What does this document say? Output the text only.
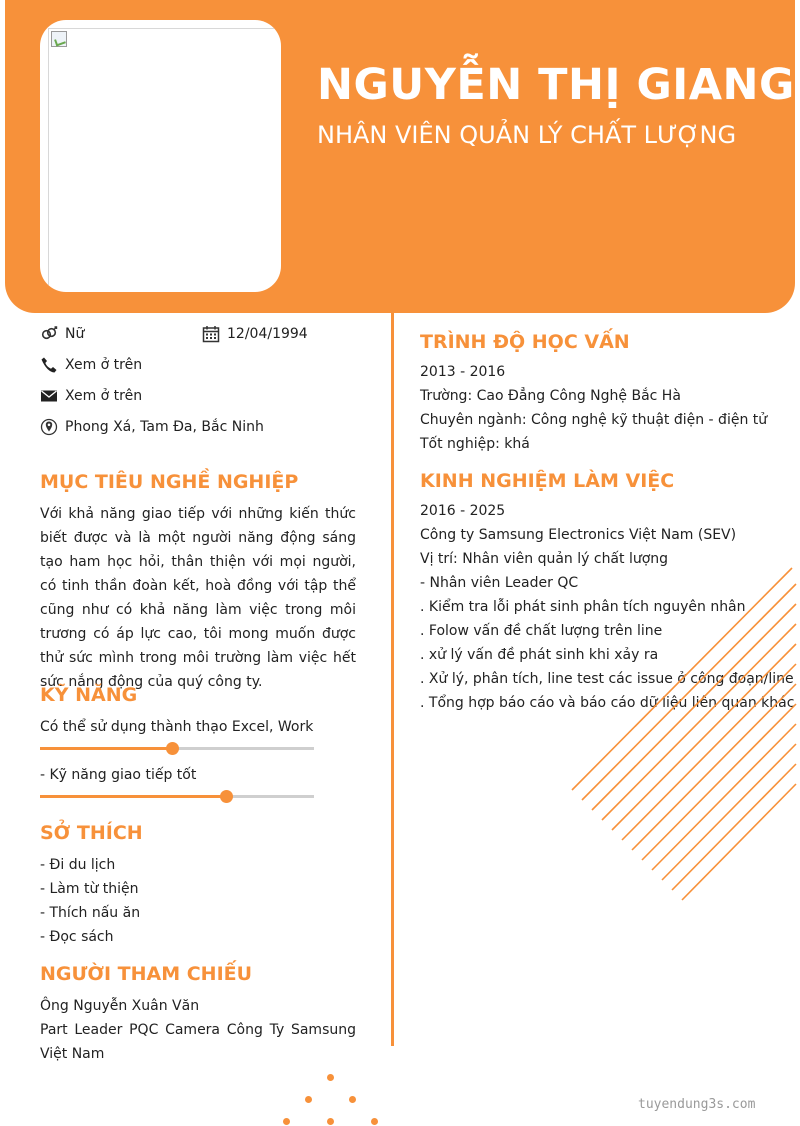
NGUYỄN THỊ GIANG
NHÂN VIÊN QUẢN LÝ CHẤT LƯỢNG
Nữ	12/04/1994
Xem ở trên
Xem ở trên
Phong Xá, Tam Đa, Bắc Ninh
MỤC TIÊU NGHỀ NGHIỆP
Với khả năng giao tiếp với những kiến thức biết được và là một người năng động sáng tạo ham học hỏi, thân thiện với mọi người, có tinh thần đoàn kết, hoà đồng với tập thể cũng như có khả năng làm việc trong môi trương có áp lực cao, tôi mong muốn được thử sức mình trong môi trường làm việc hết sức nắng động của quý công ty.
KỸ NĂNG
Có thể sử dụng thành thạo Excel, Work
- Kỹ năng giao tiếp tốt
SỞ THÍCH
- Đi du lịch
- Làm từ thiện
- Thích nấu ăn
- Đọc sách
NGƯỜI THAM CHIẾU
Ông Nguyễn Xuân Văn
Part Leader PQC Camera Công Ty Samsung Việt Nam
TRÌNH ĐỘ HỌC VẤN
2013 - 2016
Trường: Cao Đẳng Công Nghệ Bắc Hà
Chuyên ngành: Công nghệ kỹ thuật điện - điện tử
Tốt nghiệp: khá
KINH NGHIỆM LÀM VIỆC
2016 - 2025
Công ty Samsung Electronics Việt Nam (SEV)
Vị trí: Nhân viên quản lý chất lượng
- Nhân viên Leader QC
. Kiểm tra lỗi phát sinh phân tích nguyên nhân
. Folow vấn đề chất lượng trên line
. xử lý vấn đề phát sinh khi xảy ra
. Xử lý, phân tích, line test các issue ở công đoạn/line
. Tổng hợp báo cáo và báo cáo dữ liệu liên quan khác
tuyendung3s.com
